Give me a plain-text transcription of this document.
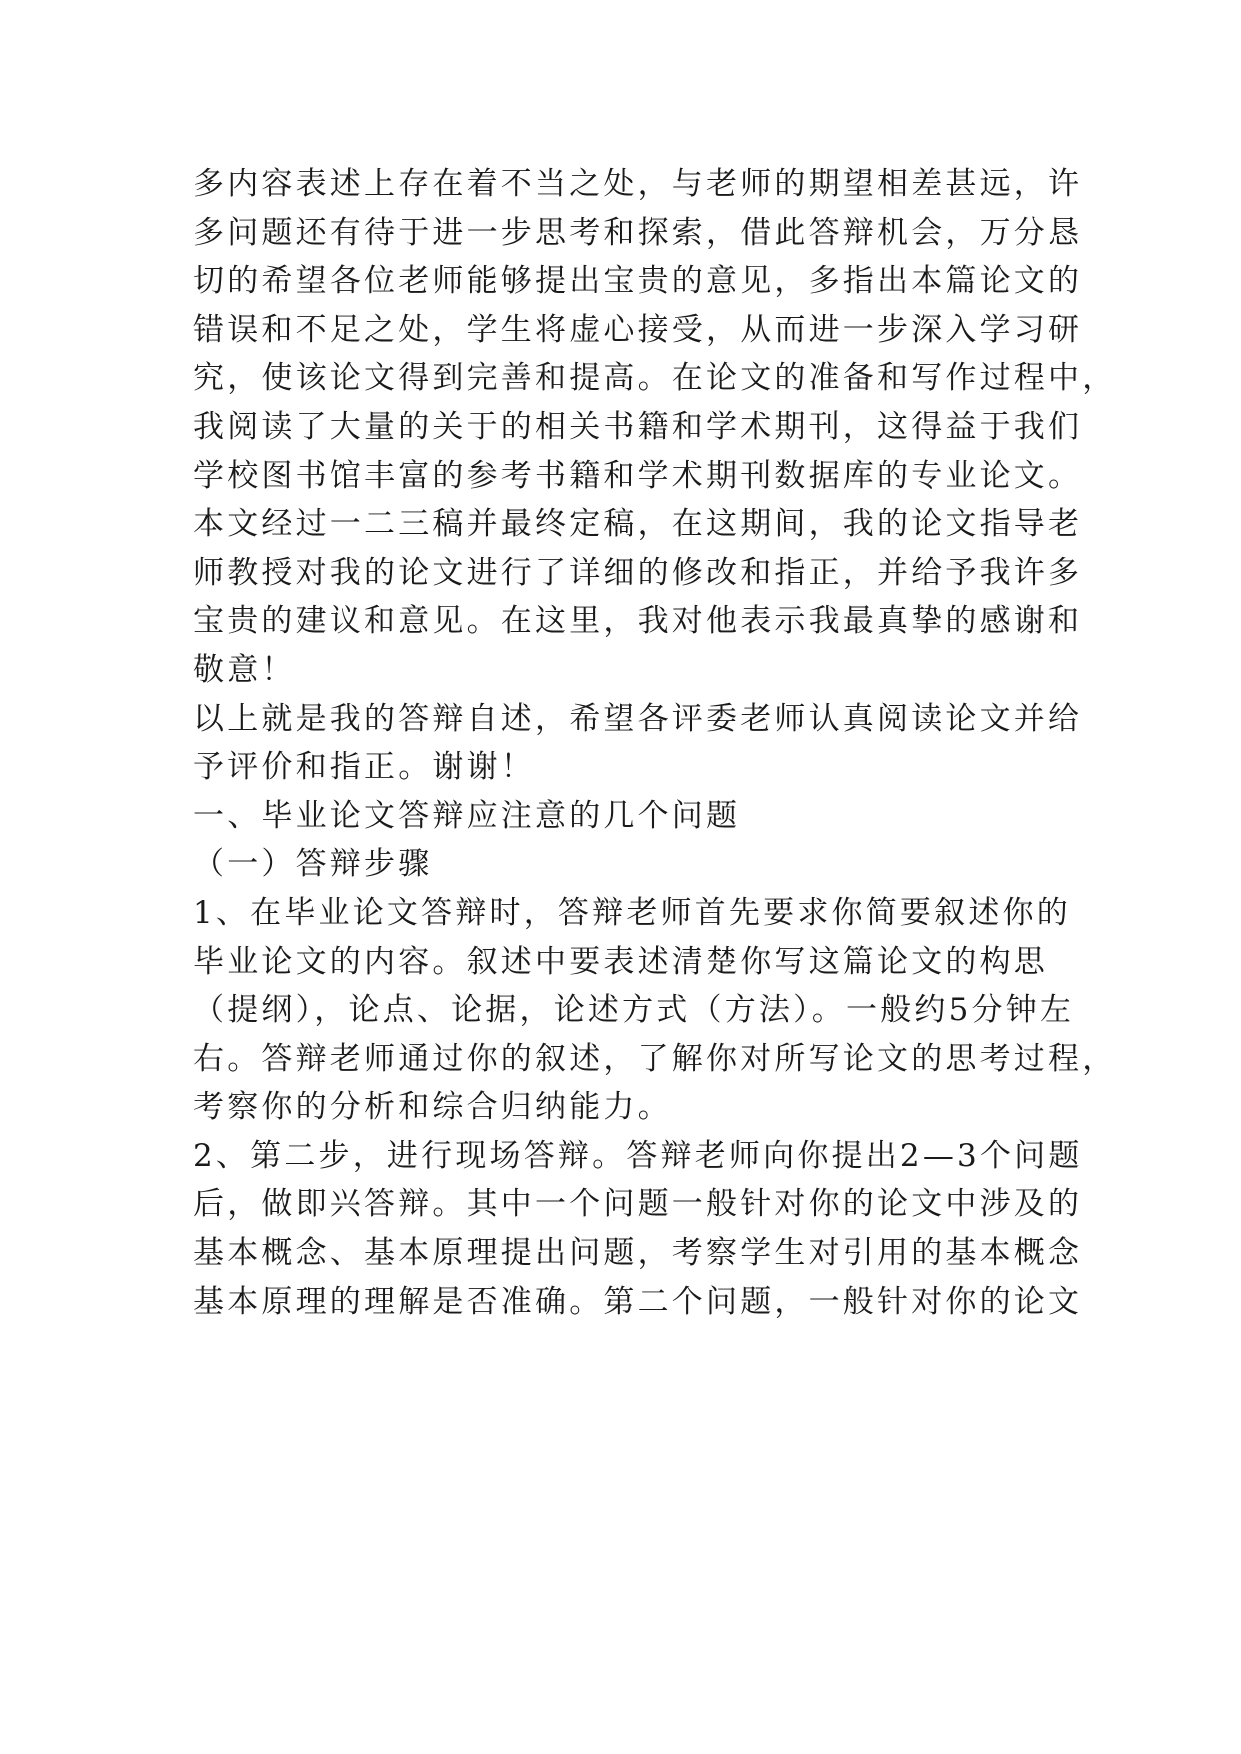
多内容表述上存在着不当之处，与老师的期望相差甚远，许
多问题还有待于进一步思考和探索，借此答辩机会，万分恳
切的希望各位老师能够提出宝贵的意见，多指出本篇论文的
错误和不足之处，学生将虚心接受，从而进一步深入学习研
究，使该论文得到完善和提高。在论文的准备和写作过程中，
我阅读了大量的关于的相关书籍和学术期刊，这得益于我们
学校图书馆丰富的参考书籍和学术期刊数据库的专业论文。
本文经过一二三稿并最终定稿，在这期间，我的论文指导老
师教授对我的论文进行了详细的修改和指正，并给予我许多
宝贵的建议和意见。在这里，我对他表示我最真挚的感谢和
敬意！
以上就是我的答辩自述，希望各评委老师认真阅读论文并给
予评价和指正。谢谢！
一、毕业论文答辩应注意的几个问题
（一）答辩步骤
1、在毕业论文答辩时，答辩老师首先要求你简要叙述你的
毕业论文的内容。叙述中要表述清楚你写这篇论文的构思
（提纲），论点、论据，论述方式（方法）。一般约5分钟左
右。答辩老师通过你的叙述，了解你对所写论文的思考过程，
考察你的分析和综合归纳能力。
2、第二步，进行现场答辩。答辩老师向你提出2—3个问题
后，做即兴答辩。其中一个问题一般针对你的论文中涉及的
基本概念、基本原理提出问题，考察学生对引用的基本概念
基本原理的理解是否准确。第二个问题，一般针对你的论文
